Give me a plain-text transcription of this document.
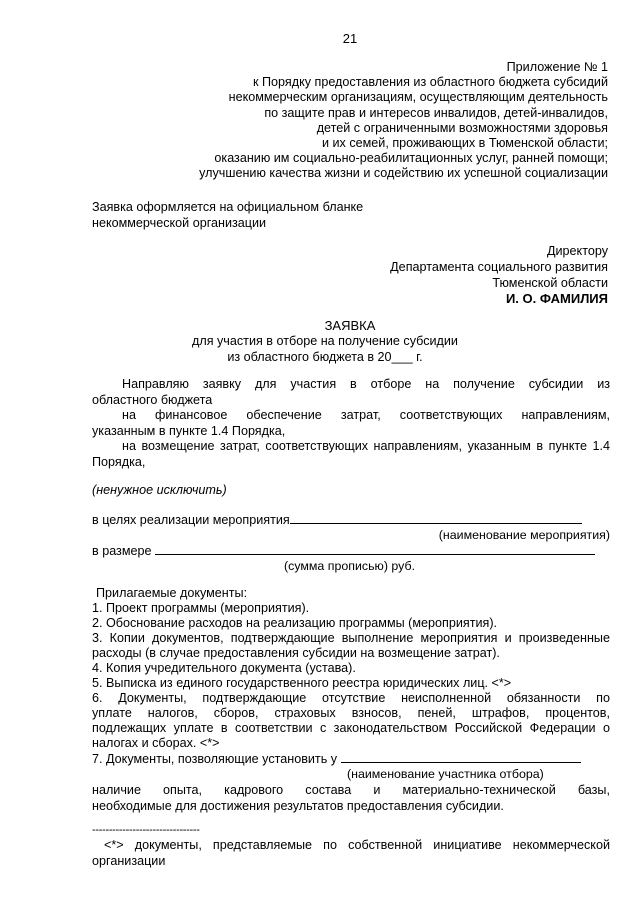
21
Приложение № 1
к Порядку предоставления из областного бюджета субсидий
некоммерческим организациям, осуществляющим деятельность
по защите прав и интересов инвалидов, детей-инвалидов,
детей с ограниченными возможностями здоровья
и их семей, проживающих в Тюменской области;
оказанию им социально-реабилитационных услуг, ранней помощи;
улучшению качества жизни и содействию их успешной социализации
Заявка оформляется на официальном бланке
некоммерческой организации
Директору
Департамента социального развития
Тюменской области
И. О. ФАМИЛИЯ
ЗАЯВКА
для участия в отборе на получение субсидии
из областного бюджета в 20___ г.
Направляю заявку для участия в отборе на получение субсидии из
областного бюджета
на финансовое обеспечение затрат, соответствующих направлениям,
указанным в пункте 1.4 Порядка,
на возмещение затрат, соответствующих направлениям, указанным в пункте 1.4
Порядка,
(ненужное исключить)
в целях реализации мероприятия
(наименование мероприятия)
в размере
(сумма прописью) руб.
Прилагаемые документы:
1. Проект программы (мероприятия).
2. Обоснование расходов на реализацию программы (мероприятия).
3. Копии документов, подтверждающие выполнение мероприятия и произведенные
расходы (в случае предоставления субсидии на возмещение затрат).
4. Копия учредительного документа (устава).
5. Выписка из единого государственного реестра юридических лиц. <*>
6. Документы, подтверждающие отсутствие неисполненной обязанности по
уплате налогов, сборов, страховых взносов, пеней, штрафов, процентов,
подлежащих уплате в соответствии с законодательством Российской Федерации о
налогах и сборах. <*>
7. Документы, позволяющие установить у
(наименование участника отбора)
наличие опыта, кадрового состава и материально-технической базы,
необходимые для достижения результатов предоставления субсидии.
--------------------------------
<*> документы, представляемые по собственной инициативе некоммерческой
организации
